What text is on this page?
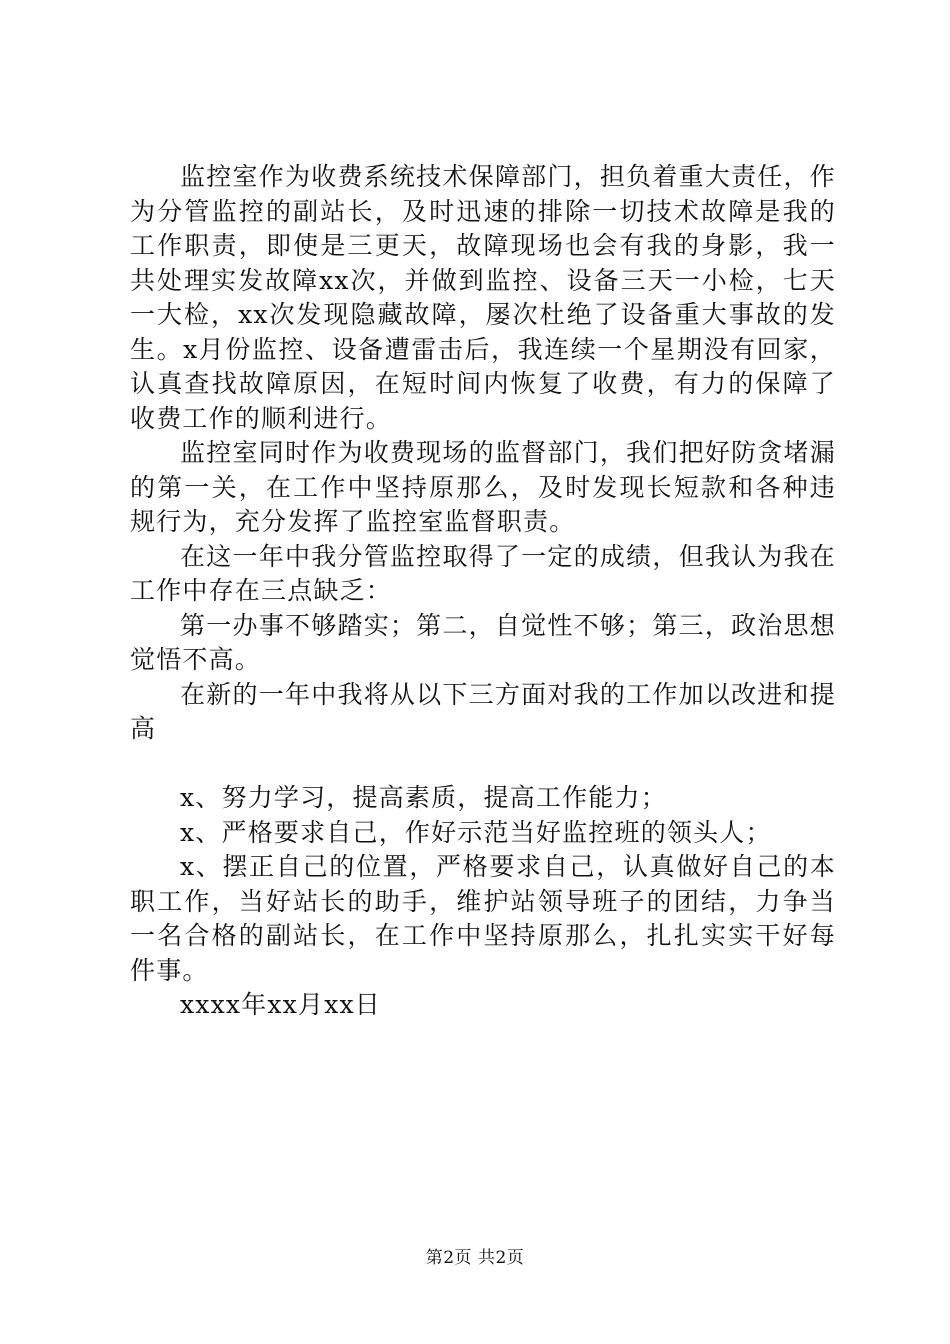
监控室作为收费系统技术保障部门，担负着重大责任，作为分管监控的副站长，及时迅速的排除一切技术故障是我的工作职责，即使是三更天，故障现场也会有我的身影，我一共处理实发故障xx次，并做到监控、设备三天一小检，七天一大检，xx次发现隐藏故障，屡次杜绝了设备重大事故的发生。x月份监控、设备遭雷击后，我连续一个星期没有回家，认真查找故障原因，在短时间内恢复了收费，有力的保障了收费工作的顺利进行。

监控室同时作为收费现场的监督部门，我们把好防贪堵漏的第一关，在工作中坚持原那么，及时发现长短款和各种违规行为，充分发挥了监控室监督职责。

在这一年中我分管监控取得了一定的成绩，但我认为我在工作中存在三点缺乏：

第一办事不够踏实；第二，自觉性不够；第三，政治思想觉悟不高。

在新的一年中我将从以下三方面对我的工作加以改进和提高

x、努力学习，提高素质，提高工作能力；

x、严格要求自己，作好示范当好监控班的领头人；

x、摆正自己的位置，严格要求自己，认真做好自己的本职工作，当好站长的助手，维护站领导班子的团结，力争当一名合格的副站长，在工作中坚持原那么，扎扎实实干好每件事。

xxxx年xx月xx日

第2页 共2页
